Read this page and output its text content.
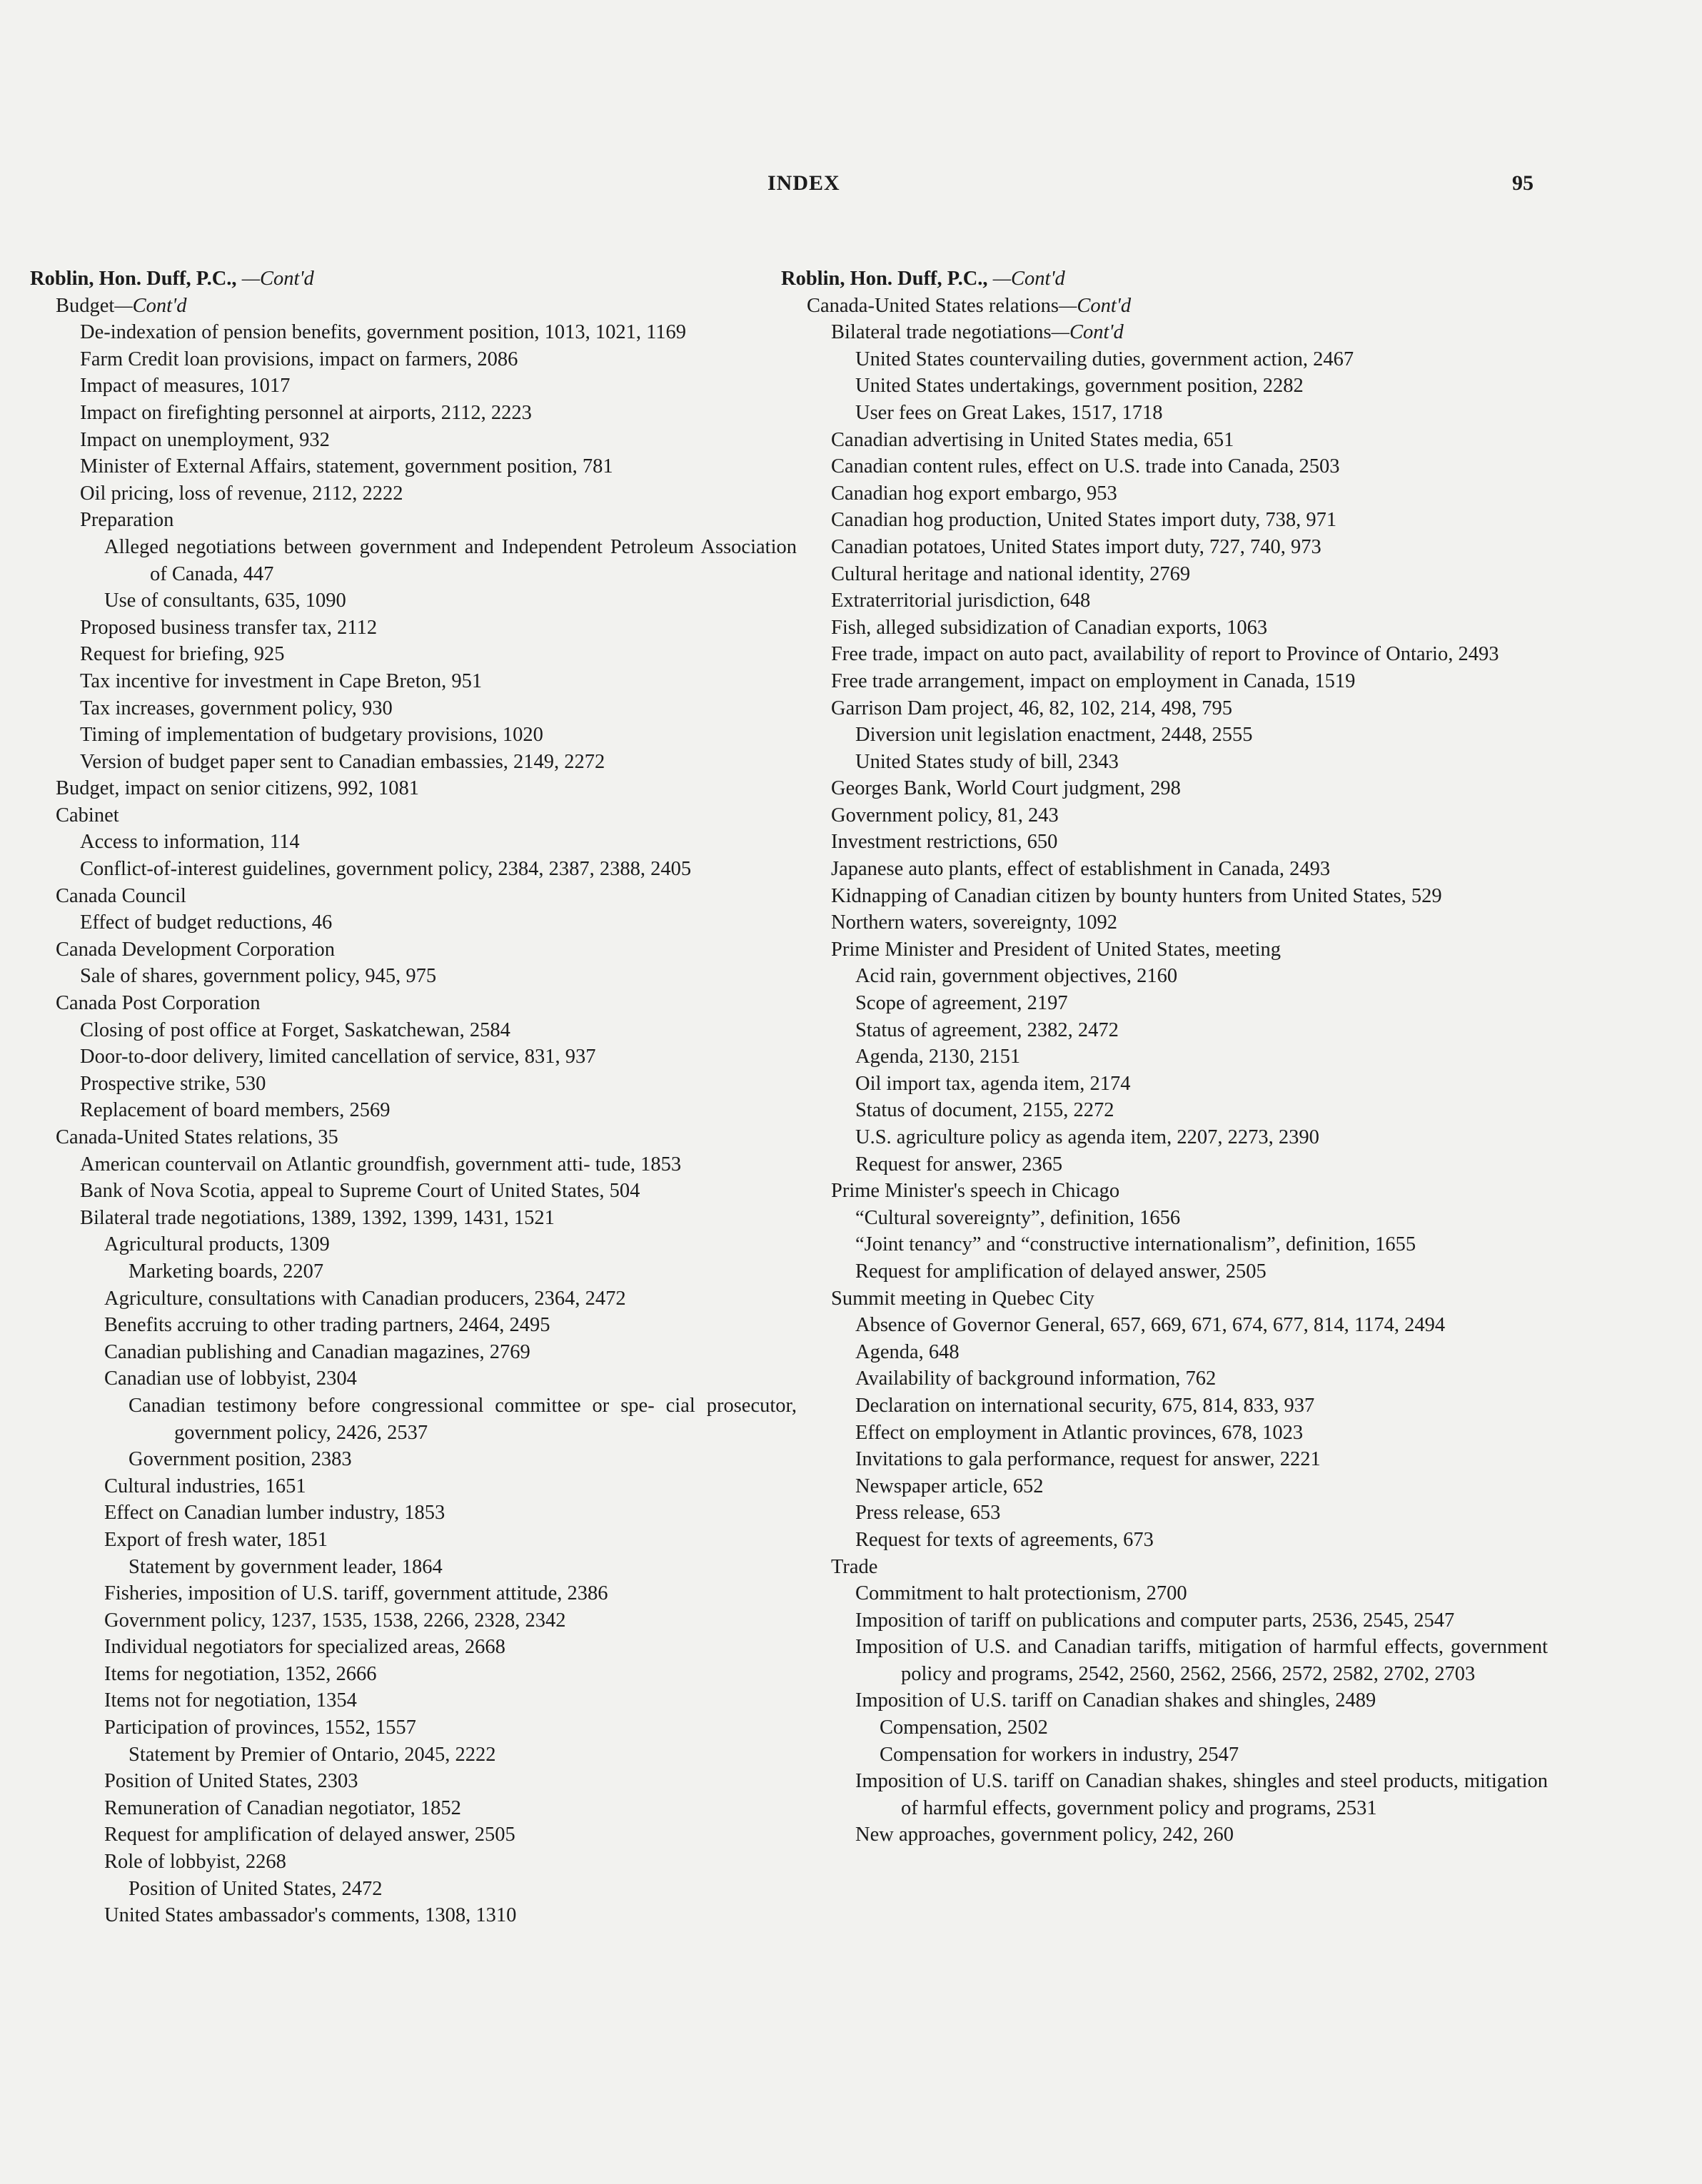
INDEX	95
Roblin, Hon. Duff, P.C., —Cont'd
Budget—Cont'd
De-indexation of pension benefits, government position, 1013, 1021, 1169
Farm Credit loan provisions, impact on farmers, 2086
Impact of measures, 1017
Impact on firefighting personnel at airports, 2112, 2223
Impact on unemployment, 932
Minister of External Affairs, statement, government position, 781
Oil pricing, loss of revenue, 2112, 2222
Preparation
Alleged negotiations between government and Independent Petroleum Association of Canada, 447
Use of consultants, 635, 1090
Proposed business transfer tax, 2112
Request for briefing, 925
Tax incentive for investment in Cape Breton, 951
Tax increases, government policy, 930
Timing of implementation of budgetary provisions, 1020
Version of budget paper sent to Canadian embassies, 2149, 2272
Budget, impact on senior citizens, 992, 1081
Cabinet
Access to information, 114
Conflict-of-interest guidelines, government policy, 2384, 2387, 2388, 2405
Canada Council
Effect of budget reductions, 46
Canada Development Corporation
Sale of shares, government policy, 945, 975
Canada Post Corporation
Closing of post office at Forget, Saskatchewan, 2584
Door-to-door delivery, limited cancellation of service, 831, 937
Prospective strike, 530
Replacement of board members, 2569
Canada-United States relations, 35
American countervail on Atlantic groundfish, government atti- tude, 1853
Bank of Nova Scotia, appeal to Supreme Court of United States, 504
Bilateral trade negotiations, 1389, 1392, 1399, 1431, 1521
Agricultural products, 1309
Marketing boards, 2207
Agriculture, consultations with Canadian producers, 2364, 2472
Benefits accruing to other trading partners, 2464, 2495
Canadian publishing and Canadian magazines, 2769
Canadian use of lobbyist, 2304
Canadian testimony before congressional committee or spe- cial prosecutor, government policy, 2426, 2537
Government position, 2383
Cultural industries, 1651
Effect on Canadian lumber industry, 1853
Export of fresh water, 1851
Statement by government leader, 1864
Fisheries, imposition of U.S. tariff, government attitude, 2386
Government policy, 1237, 1535, 1538, 2266, 2328, 2342
Individual negotiators for specialized areas, 2668
Items for negotiation, 1352, 2666
Items not for negotiation, 1354
Participation of provinces, 1552, 1557
Statement by Premier of Ontario, 2045, 2222
Position of United States, 2303
Remuneration of Canadian negotiator, 1852
Request for amplification of delayed answer, 2505
Role of lobbyist, 2268
Position of United States, 2472
United States ambassador's comments, 1308, 1310
Roblin, Hon. Duff, P.C., —Cont'd
Canada-United States relations—Cont'd
Bilateral trade negotiations—Cont'd
United States countervailing duties, government action, 2467
United States undertakings, government position, 2282
User fees on Great Lakes, 1517, 1718
Canadian advertising in United States media, 651
Canadian content rules, effect on U.S. trade into Canada, 2503
Canadian hog export embargo, 953
Canadian hog production, United States import duty, 738, 971
Canadian potatoes, United States import duty, 727, 740, 973
Cultural heritage and national identity, 2769
Extraterritorial jurisdiction, 648
Fish, alleged subsidization of Canadian exports, 1063
Free trade, impact on auto pact, availability of report to Province of Ontario, 2493
Free trade arrangement, impact on employment in Canada, 1519
Garrison Dam project, 46, 82, 102, 214, 498, 795
Diversion unit legislation enactment, 2448, 2555
United States study of bill, 2343
Georges Bank, World Court judgment, 298
Government policy, 81, 243
Investment restrictions, 650
Japanese auto plants, effect of establishment in Canada, 2493
Kidnapping of Canadian citizen by bounty hunters from United States, 529
Northern waters, sovereignty, 1092
Prime Minister and President of United States, meeting
Acid rain, government objectives, 2160
Scope of agreement, 2197
Status of agreement, 2382, 2472
Agenda, 2130, 2151
Oil import tax, agenda item, 2174
Status of document, 2155, 2272
U.S. agriculture policy as agenda item, 2207, 2273, 2390
Request for answer, 2365
Prime Minister's speech in Chicago
“Cultural sovereignty”, definition, 1656
“Joint tenancy” and “constructive internationalism”, definition, 1655
Request for amplification of delayed answer, 2505
Summit meeting in Quebec City
Absence of Governor General, 657, 669, 671, 674, 677, 814, 1174, 2494
Agenda, 648
Availability of background information, 762
Declaration on international security, 675, 814, 833, 937
Effect on employment in Atlantic provinces, 678, 1023
Invitations to gala performance, request for answer, 2221
Newspaper article, 652
Press release, 653
Request for texts of agreements, 673
Trade
Commitment to halt protectionism, 2700
Imposition of tariff on publications and computer parts, 2536, 2545, 2547
Imposition of U.S. and Canadian tariffs, mitigation of harmful effects, government policy and programs, 2542, 2560, 2562, 2566, 2572, 2582, 2702, 2703
Imposition of U.S. tariff on Canadian shakes and shingles, 2489
Compensation, 2502
Compensation for workers in industry, 2547
Imposition of U.S. tariff on Canadian shakes, shingles and steel products, mitigation of harmful effects, government policy and programs, 2531
New approaches, government policy, 242, 260
